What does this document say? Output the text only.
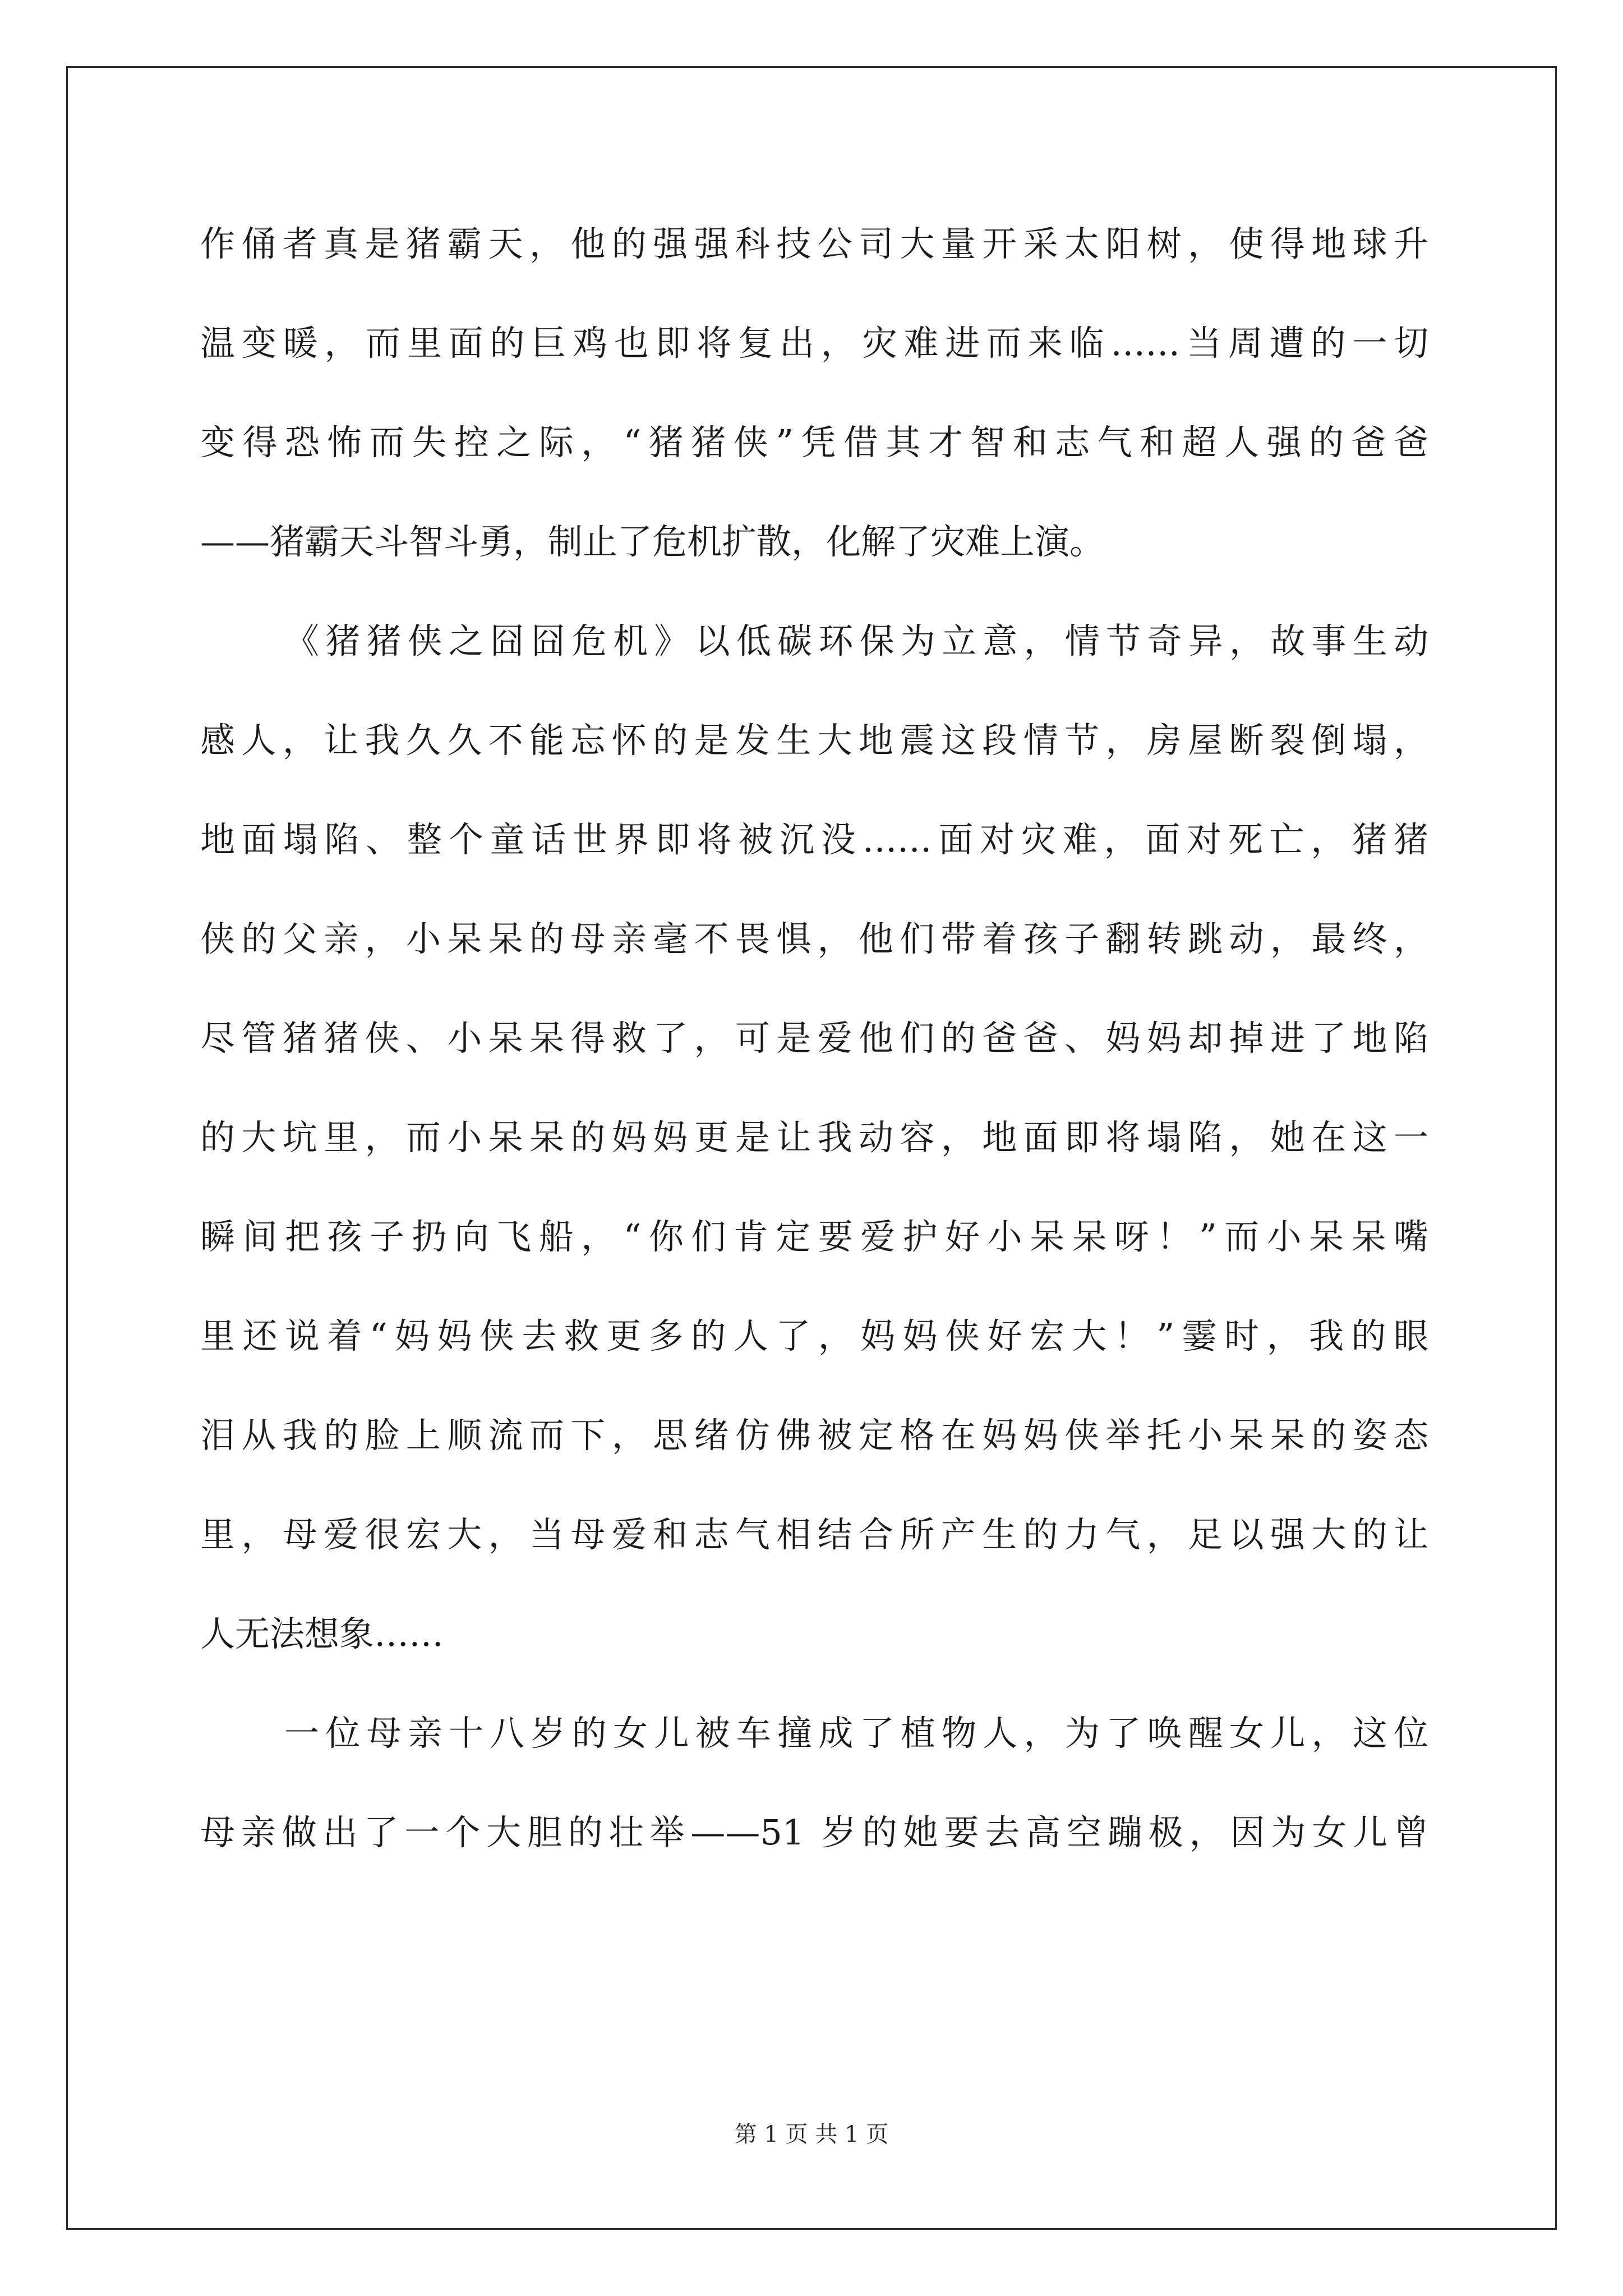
作俑者真是猪霸天，他的强强科技公司大量开采太阳树，使得地球升
温变暖，而里面的巨鸡也即将复出，灾难进而来临……当周遭的一切
变得恐怖而失控之际，“猪猪侠”凭借其才智和志气和超人强的爸爸
——猪霸天斗智斗勇，制止了危机扩散，化解了灾难上演。
《猪猪侠之囧囧危机》以低碳环保为立意，情节奇异，故事生动
感人，让我久久不能忘怀的是发生大地震这段情节，房屋断裂倒塌，
地面塌陷、整个童话世界即将被沉没……面对灾难，面对死亡，猪猪
侠的父亲，小呆呆的母亲毫不畏惧，他们带着孩子翻转跳动，最终，
尽管猪猪侠、小呆呆得救了，可是爱他们的爸爸、妈妈却掉进了地陷
的大坑里，而小呆呆的妈妈更是让我动容，地面即将塌陷，她在这一
瞬间把孩子扔向飞船，“你们肯定要爱护好小呆呆呀！”而小呆呆嘴
里还说着“妈妈侠去救更多的人了，妈妈侠好宏大！”霎时，我的眼
泪从我的脸上顺流而下，思绪仿佛被定格在妈妈侠举托小呆呆的姿态
里，母爱很宏大，当母爱和志气相结合所产生的力气，足以强大的让
人无法想象……
一位母亲十八岁的女儿被车撞成了植物人，为了唤醒女儿，这位
母亲做出了一个大胆的壮举——51 岁的她要去高空蹦极，因为女儿曾
第 1 页 共 1 页
